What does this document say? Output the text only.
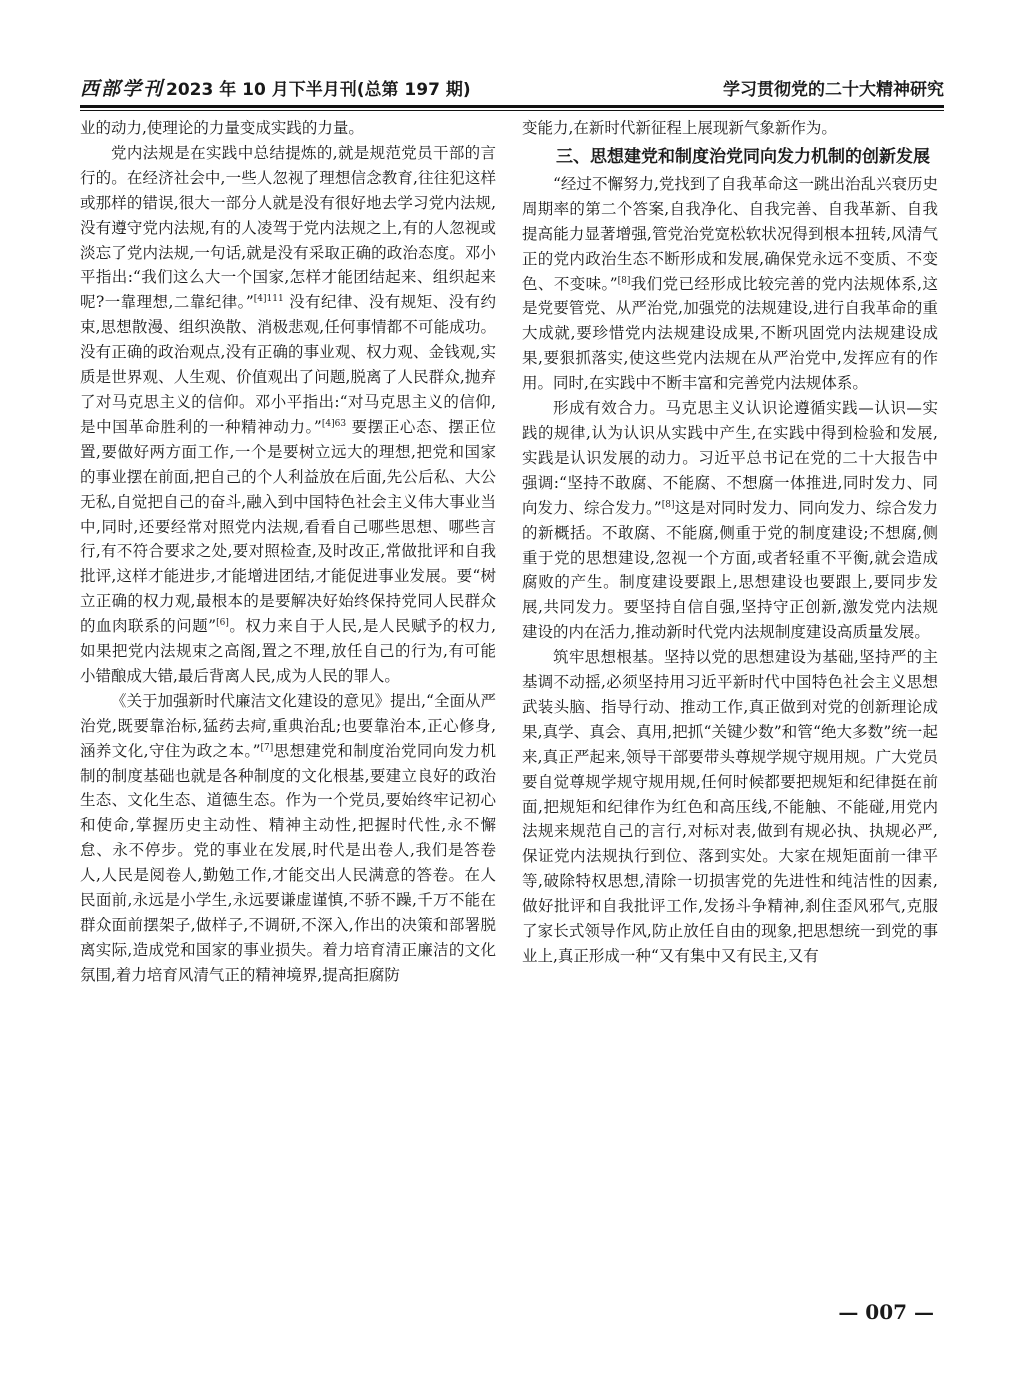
西部学刊 2023 年 10 月下半月刊(总第 197 期)	学习贯彻党的二十大精神研究

业的动力,使理论的力量变成实践的力量。

党内法规是在实践中总结提炼的,就是规范党员干部的言行的。在经济社会中,一些人忽视了理想信念教育,往往犯这样或那样的错误,很大一部分人就是没有很好地去学习党内法规,没有遵守党内法规,有的人凌驾于党内法规之上,有的人忽视或淡忘了党内法规,一句话,就是没有采取正确的政治态度。邓小平指出:“我们这么大一个国家,怎样才能团结起来、组织起来呢?一靠理想,二靠纪律。”$^{[4]111}$ 没有纪律、没有规矩、没有约束,思想散漫、组织涣散、消极悲观,任何事情都不可能成功。没有正确的政治观点,没有正确的事业观、权力观、金钱观,实质是世界观、人生观、价值观出了问题,脱离了人民群众,抛弃了对马克思主义的信仰。邓小平指出:“对马克思主义的信仰,是中国革命胜利的一种精神动力。”$^{[4]63}$ 要摆正心态、摆正位置,要做好两方面工作,一个是要树立远大的理想,把党和国家的事业摆在前面,把自己的个人利益放在后面,先公后私、大公无私,自觉把自己的奋斗,融入到中国特色社会主义伟大事业当中,同时,还要经常对照党内法规,看看自己哪些思想、哪些言行,有不符合要求之处,要对照检查,及时改正,常做批评和自我批评,这样才能进步,才能增进团结,才能促进事业发展。要“树立正确的权力观,最根本的是要解决好始终保持党同人民群众的血肉联系的问题”[6]。权力来自于人民,是人民赋予的权力,如果把党内法规束之高阁,置之不理,放任自己的行为,有可能小错酿成大错,最后背离人民,成为人民的罪人。

《关于加强新时代廉洁文化建设的意见》提出,“全面从严治党,既要靠治标,猛药去疴,重典治乱;也要靠治本,正心修身,涵养文化,守住为政之本。”[7]思想建党和制度治党同向发力机制的制度基础也就是各种制度的文化根基,要建立良好的政治生态、文化生态、道德生态。作为一个党员,要始终牢记初心和使命,掌握历史主动性、精神主动性,把握时代性,永不懈怠、永不停步。党的事业在发展,时代是出卷人,我们是答卷人,人民是阅卷人,勤勉工作,才能交出人民满意的答卷。在人民面前,永远是小学生,永远要谦虚谨慎,不骄不躁,千万不能在群众面前摆架子,做样子,不调研,不深入,作出的决策和部署脱离实际,造成党和国家的事业损失。着力培育清正廉洁的文化氛围,着力培育风清气正的精神境界,提高拒腐防

变能力,在新时代新征程上展现新气象新作为。

三、思想建党和制度治党同向发力机制的创新发展

“经过不懈努力,党找到了自我革命这一跳出治乱兴衰历史周期率的第二个答案,自我净化、自我完善、自我革新、自我提高能力显著增强,管党治党宽松软状况得到根本扭转,风清气正的党内政治生态不断形成和发展,确保党永远不变质、不变色、不变味。”[8]我们党已经形成比较完善的党内法规体系,这是党要管党、从严治党,加强党的法规建设,进行自我革命的重大成就,要珍惜党内法规建设成果,不断巩固党内法规建设成果,要狠抓落实,使这些党内法规在从严治党中,发挥应有的作用。同时,在实践中不断丰富和完善党内法规体系。

形成有效合力。马克思主义认识论遵循实践—认识—实践的规律,认为认识从实践中产生,在实践中得到检验和发展,实践是认识发展的动力。习近平总书记在党的二十大报告中强调:“坚持不敢腐、不能腐、不想腐一体推进,同时发力、同向发力、综合发力。”[8]这是对同时发力、同向发力、综合发力的新概括。不敢腐、不能腐,侧重于党的制度建设;不想腐,侧重于党的思想建设,忽视一个方面,或者轻重不平衡,就会造成腐败的产生。制度建设要跟上,思想建设也要跟上,要同步发展,共同发力。要坚持自信自强,坚持守正创新,激发党内法规建设的内在活力,推动新时代党内法规制度建设高质量发展。

筑牢思想根基。坚持以党的思想建设为基础,坚持严的主基调不动摇,必须坚持用习近平新时代中国特色社会主义思想武装头脑、指导行动、推动工作,真正做到对党的创新理论成果,真学、真会、真用,把抓“关键少数”和管“绝大多数”统一起来,真正严起来,领导干部要带头尊规学规守规用规。广大党员要自觉尊规学规守规用规,任何时候都要把规矩和纪律挺在前面,把规矩和纪律作为红色和高压线,不能触、不能碰,用党内法规来规范自己的言行,对标对表,做到有规必执、执规必严,保证党内法规执行到位、落到实处。大家在规矩面前一律平等,破除特权思想,清除一切损害党的先进性和纯洁性的因素,做好批评和自我批评工作,发扬斗争精神,刹住歪风邪气,克服了家长式领导作风,防止放任自由的现象,把思想统一到党的事业上,真正形成一种“又有集中又有民主,又有

— 007 —
